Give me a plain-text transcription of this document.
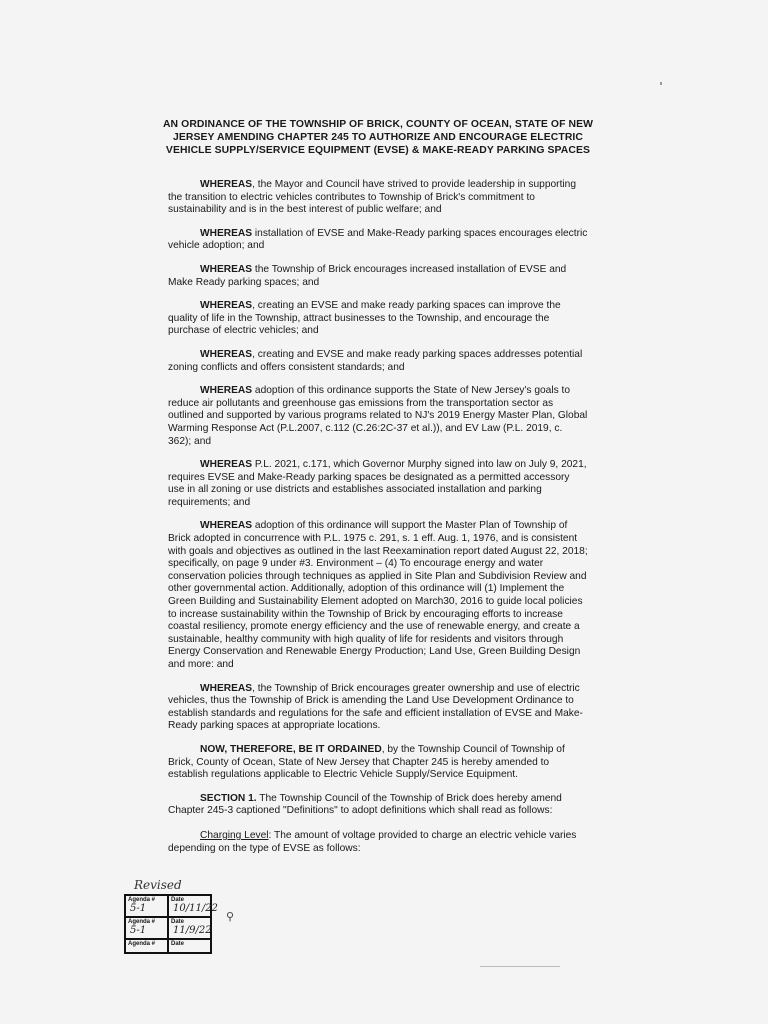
AN ORDINANCE OF THE TOWNSHIP OF BRICK, COUNTY OF OCEAN, STATE OF NEW JERSEY AMENDING CHAPTER 245 TO AUTHORIZE AND ENCOURAGE ELECTRIC VEHICLE SUPPLY/SERVICE EQUIPMENT (EVSE) & MAKE-READY PARKING SPACES

WHEREAS, the Mayor and Council have strived to provide leadership in supporting the transition to electric vehicles contributes to Township of Brick's commitment to sustainability and is in the best interest of public welfare; and

WHEREAS installation of EVSE and Make-Ready parking spaces encourages electric vehicle adoption; and

WHEREAS the Township of Brick encourages increased installation of EVSE and Make Ready parking spaces; and

WHEREAS, creating an EVSE and make ready parking spaces can improve the quality of life in the Township, attract businesses to the Township, and encourage the purchase of electric vehicles; and

WHEREAS, creating and EVSE and make ready parking spaces addresses potential zoning conflicts and offers consistent standards; and

WHEREAS adoption of this ordinance supports the State of New Jersey's goals to reduce air pollutants and greenhouse gas emissions from the transportation sector as outlined and supported by various programs related to NJ's 2019 Energy Master Plan, Global Warming Response Act (P.L.2007, c.112 (C.26:2C-37 et al.)), and EV Law (P.L. 2019, c. 362); and

WHEREAS P.L. 2021, c.171, which Governor Murphy signed into law on July 9, 2021, requires EVSE and Make-Ready parking spaces be designated as a permitted accessory use in all zoning or use districts and establishes associated installation and parking requirements; and

WHEREAS adoption of this ordinance will support the Master Plan of Township of Brick adopted in concurrence with P.L. 1975 c. 291, s. 1 eff. Aug. 1, 1976, and is consistent with goals and objectives as outlined in the last Reexamination report dated August 22, 2018; specifically, on page 9 under #3. Environment – (4) To encourage energy and water conservation policies through techniques as applied in Site Plan and Subdivision Review and other governmental action. Additionally, adoption of this ordinance will (1) Implement the Green Building and Sustainability Element adopted on March30, 2016 to guide local policies to increase sustainability within the Township of Brick by encouraging efforts to increase coastal resiliency, promote energy efficiency and the use of renewable energy, and create a sustainable, healthy community with high quality of life for residents and visitors through Energy Conservation and Renewable Energy Production; Land Use, Green Building Design and more: and

WHEREAS, the Township of Brick encourages greater ownership and use of electric vehicles, thus the Township of Brick is amending the Land Use Development Ordinance to establish standards and regulations for the safe and efficient installation of EVSE and Make-Ready parking spaces at appropriate locations.

NOW, THEREFORE, BE IT ORDAINED, by the Township Council of Township of Brick, County of Ocean, State of New Jersey that Chapter 245 is hereby amended to establish regulations applicable to Electric Vehicle Supply/Service Equipment.

SECTION 1. The Township Council of the Township of Brick does hereby amend Chapter 245-3 captioned "Definitions" to adopt definitions which shall read as follows:

Charging Level: The amount of voltage provided to charge an electric vehicle varies depending on the type of EVSE as follows:

Revised
Agenda #
5-1
Date
10/11/22
Agenda #
5-1
Date
11/9/22
Agenda #	Date
⚲
